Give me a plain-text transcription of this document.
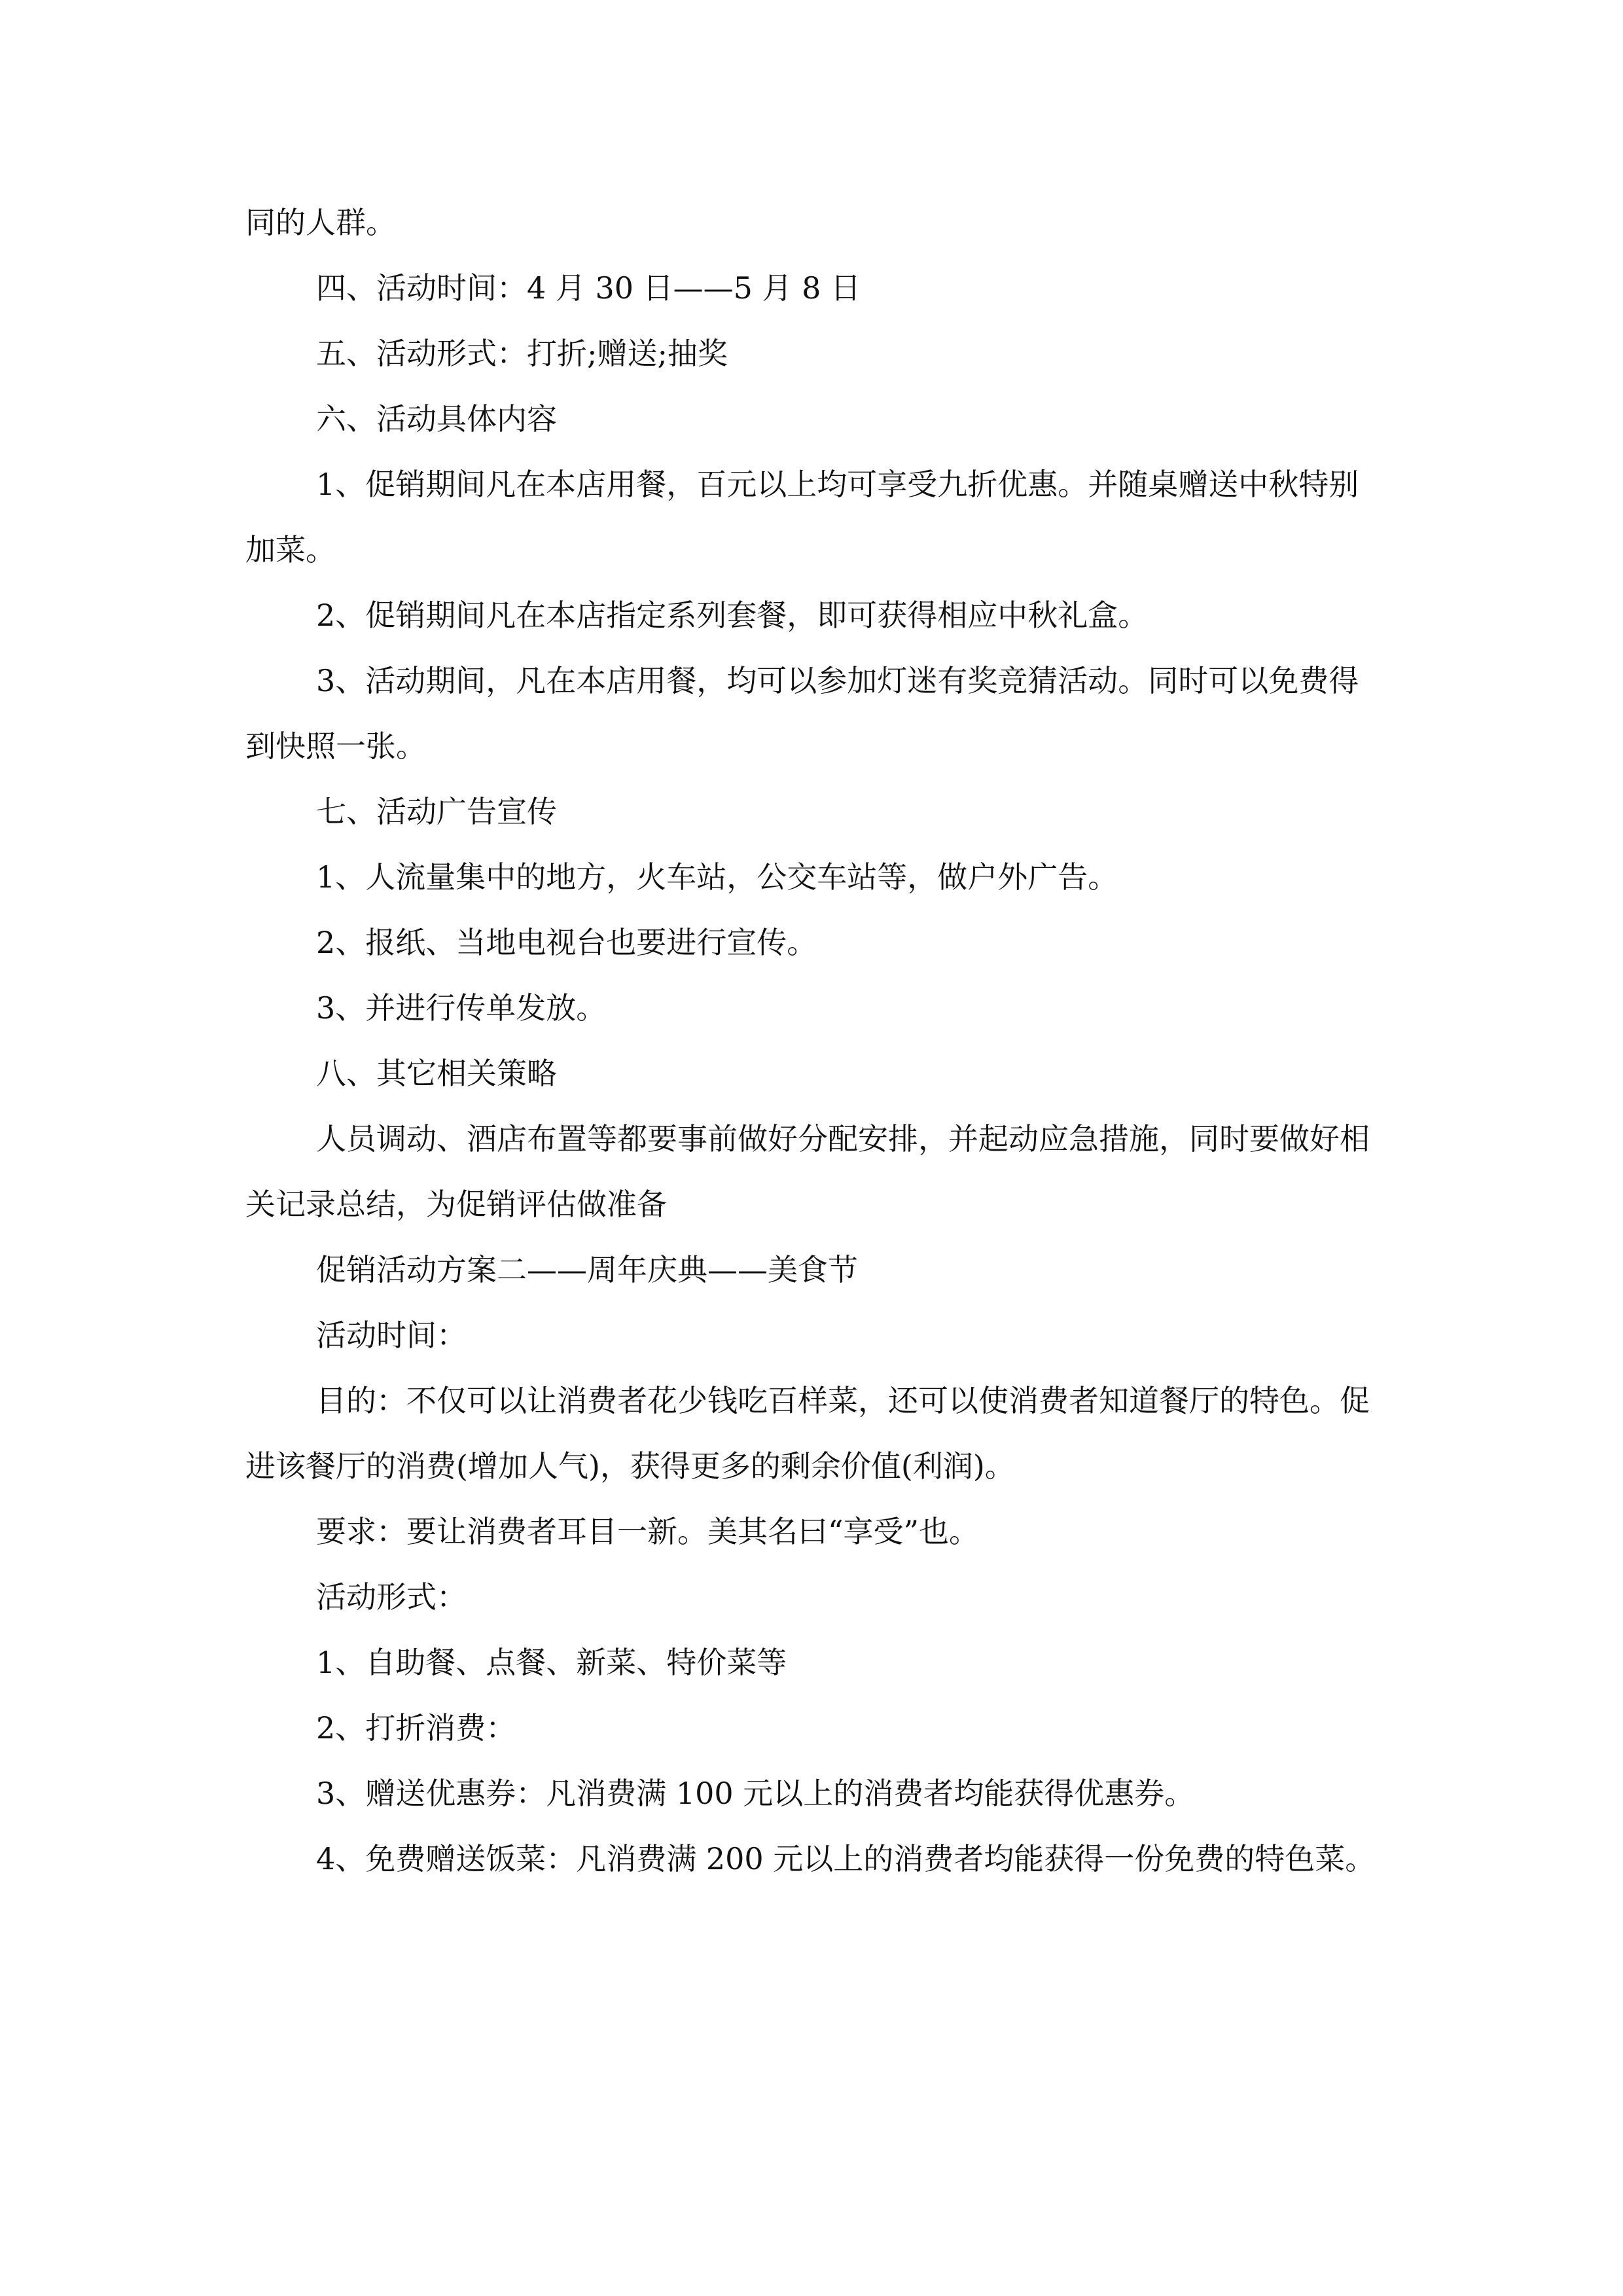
同的人群。

四、活动时间：4 月 30 日——5 月 8 日

五、活动形式：打折;赠送;抽奖

六、活动具体内容

1、促销期间凡在本店用餐，百元以上均可享受九折优惠。并随桌赠送中秋特别加菜。

2、促销期间凡在本店指定系列套餐，即可获得相应中秋礼盒。

3、活动期间，凡在本店用餐，均可以参加灯迷有奖竞猜活动。同时可以免费得到快照一张。

七、活动广告宣传

1、人流量集中的地方，火车站，公交车站等，做户外广告。

2、报纸、当地电视台也要进行宣传。

3、并进行传单发放。

八、其它相关策略

人员调动、酒店布置等都要事前做好分配安排，并起动应急措施，同时要做好相关记录总结，为促销评估做准备

促销活动方案二——周年庆典——美食节

活动时间：

目的：不仅可以让消费者花少钱吃百样菜，还可以使消费者知道餐厅的特色。促进该餐厅的消费(增加人气)，获得更多的剩余价值(利润)。

要求：要让消费者耳目一新。美其名曰“享受”也。

活动形式：

1、自助餐、点餐、新菜、特价菜等

2、打折消费：

3、赠送优惠券：凡消费满 100 元以上的消费者均能获得优惠券。

4、免费赠送饭菜：凡消费满 200 元以上的消费者均能获得一份免费的特色菜。
